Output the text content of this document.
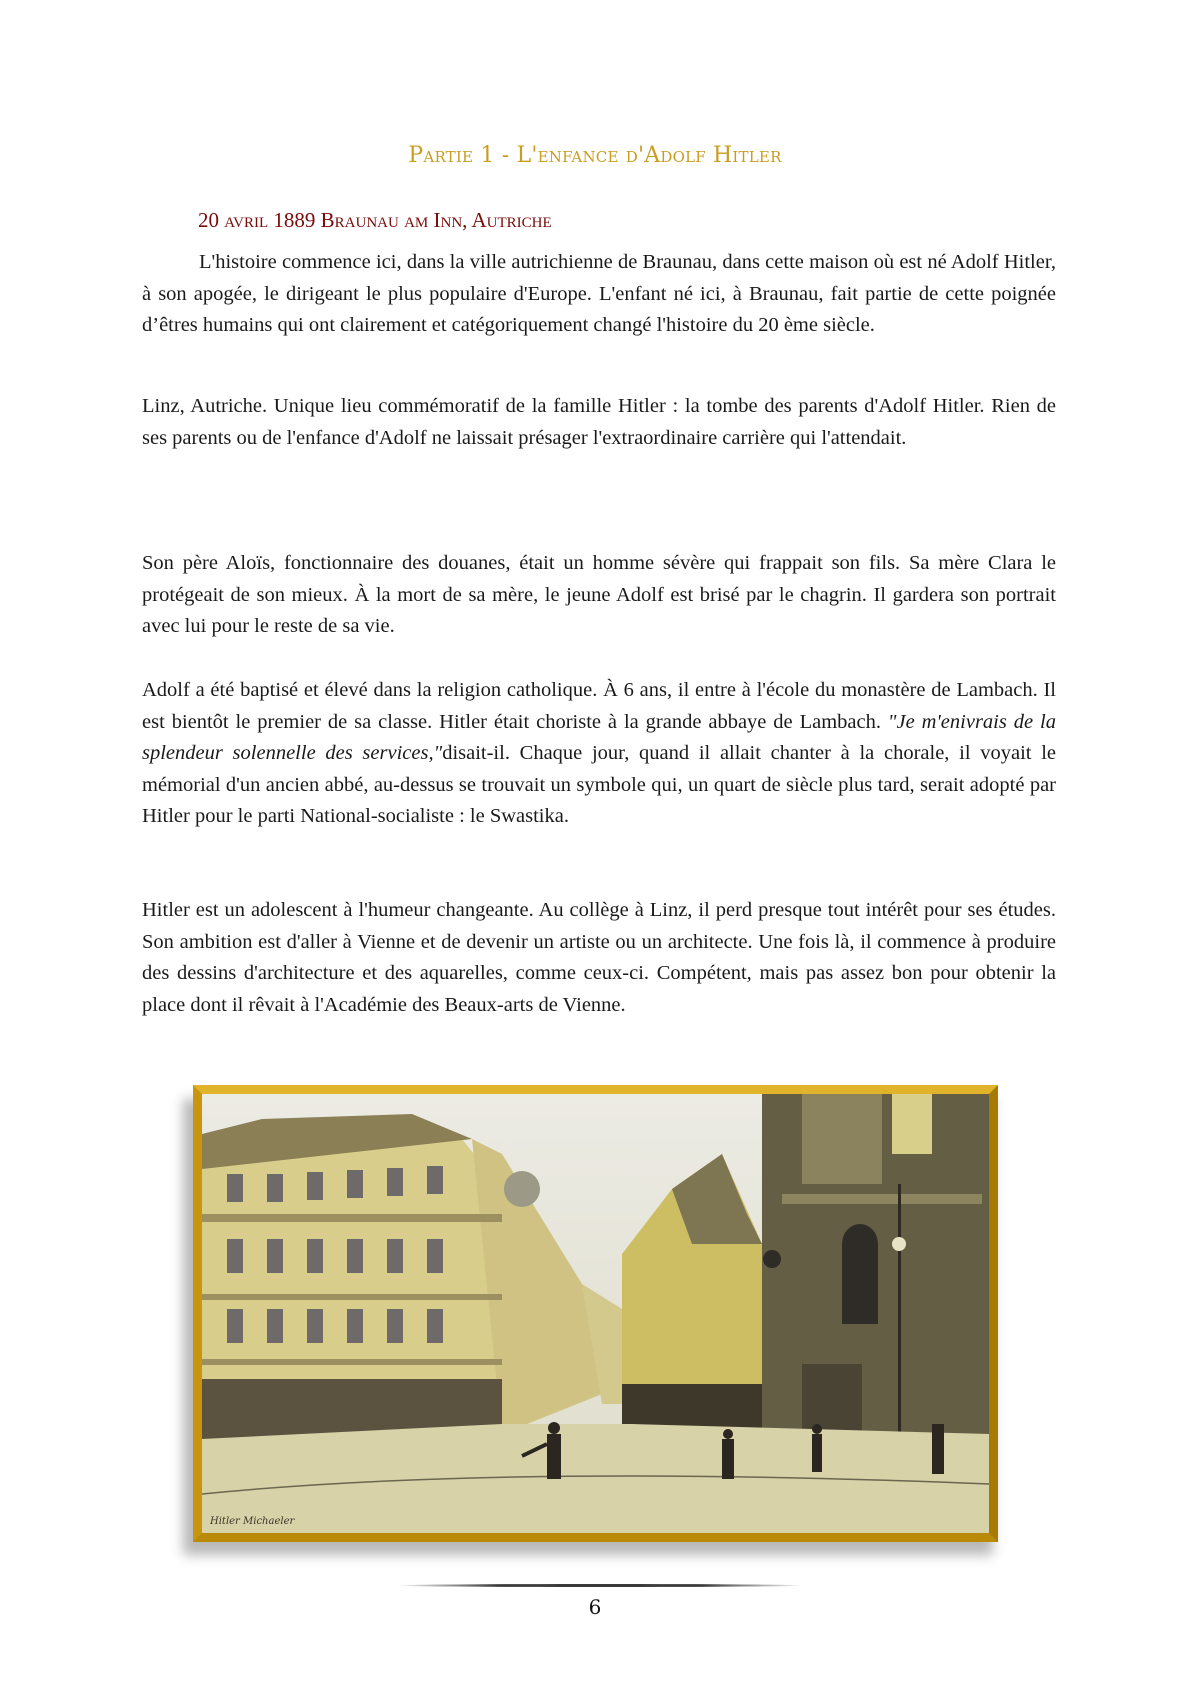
Partie 1 - L'enfance d'Adolf Hitler
20 avril 1889 Braunau am Inn, Autriche

L'histoire commence ici, dans la ville autrichienne de Braunau, dans cette maison où est né Adolf Hitler, à son apogée, le dirigeant le plus populaire d'Europe. L'enfant né ici, à Braunau, fait partie de cette poignée d’êtres humains qui ont clairement et catégoriquement changé l'histoire du 20 ème siècle.

Linz, Autriche. Unique lieu commémoratif de la famille Hitler : la tombe des parents d'Adolf Hitler. Rien de ses parents ou de l'enfance d'Adolf ne laissait présager l'extraordinaire carrière qui l'attendait.

Son père Aloïs, fonctionnaire des douanes, était un homme sévère qui frappait son fils. Sa mère Clara le protégeait de son mieux. À la mort de sa mère, le jeune Adolf est brisé par le chagrin. Il gardera son portrait avec lui pour le reste de sa vie.

Adolf a été baptisé et élevé dans la religion catholique. À 6 ans, il entre à l'école du monastère de Lambach. Il est bientôt le premier de sa classe. Hitler était choriste à la grande abbaye de Lambach. "Je m'enivrais de la splendeur solennelle des services,"disait-il. Chaque jour, quand il allait chanter à la chorale, il voyait le mémorial d'un ancien abbé, au-dessus se trouvait un symbole qui, un quart de siècle plus tard, serait adopté par Hitler pour le parti National-socialiste : le Swastika.

Hitler est un adolescent à l'humeur changeante. Au collège à Linz, il perd presque tout intérêt pour ses études. Son ambition est d'aller à Vienne et de devenir un artiste ou un architecte. Une fois là, il commence à produire des dessins d'architecture et des aquarelles, comme ceux-ci. Compétent, mais pas assez bon pour obtenir la place dont il rêvait à l'Académie des Beaux-arts de Vienne.

Hitler Michaeler
6
